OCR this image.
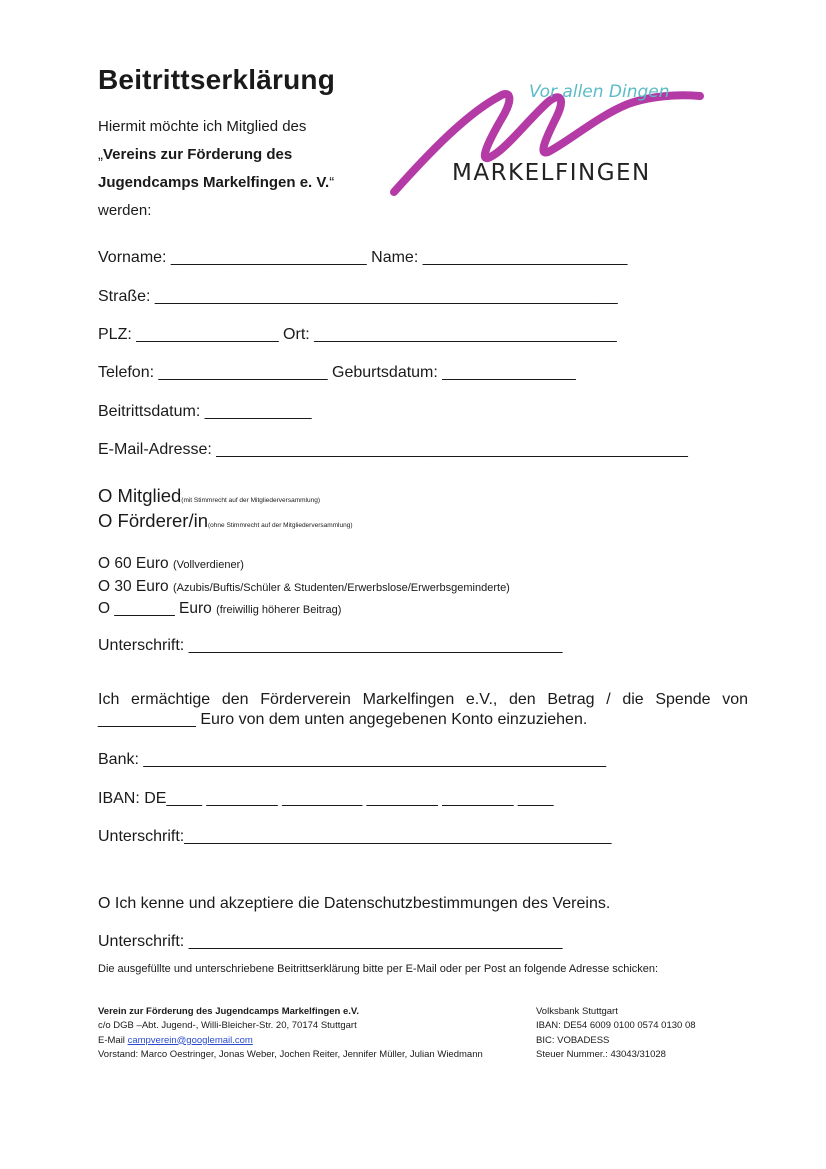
Beitrittserklärung
Hiermit möchte ich Mitglied des
„Vereins zur Förderung des
Jugendcamps Markelfingen e. V.“
werden:
Vor allen Dingen
MARKELFINGEN
Vorname: ______________________ Name: _______________________
Straße: ____________________________________________________
PLZ: ________________ Ort: __________________________________
Telefon: ___________________ Geburtsdatum: _______________
Beitrittsdatum: ____________
E-Mail-Adresse: _____________________________________________________
O Mitglied(mit Stimmrecht auf der Mitgliederversammlung)
O Förderer/in(ohne Stimmrecht auf der Mitgliederversammlung)
O 60 Euro (Vollverdiener)
O 30 Euro (Azubis/Buftis/Schüler & Studenten/Erwerbslose/Erwerbsgeminderte)
O _______ Euro (freiwillig höherer Beitrag)
Unterschrift: __________________________________________
Ich ermächtige den Förderverein Markelfingen e.V., den Betrag / die Spende von ___________ Euro von dem unten angegebenen Konto einzuziehen.
Bank: ____________________________________________________
IBAN: DE____ ________ _________ ________ ________ ____
Unterschrift:________________________________________________
O Ich kenne und akzeptiere die Datenschutzbestimmungen des Vereins.
Unterschrift: __________________________________________
Die ausgefüllte und unterschriebene Beitrittserklärung bitte per E-Mail oder per Post an folgende Adresse schicken:
Verein zur Förderung des Jugendcamps Markelfingen e.V.
c/o DGB –Abt. Jugend-, Willi-Bleicher-Str. 20, 70174 Stuttgart
E-Mail campverein@googlemail.com
Vorstand: Marco Oestringer, Jonas Weber, Jochen Reiter, Jennifer Müller, Julian Wiedmann
Volksbank Stuttgart
IBAN: DE54 6009 0100 0574 0130 08
BIC: VOBADESS
Steuer Nummer.: 43043/31028
